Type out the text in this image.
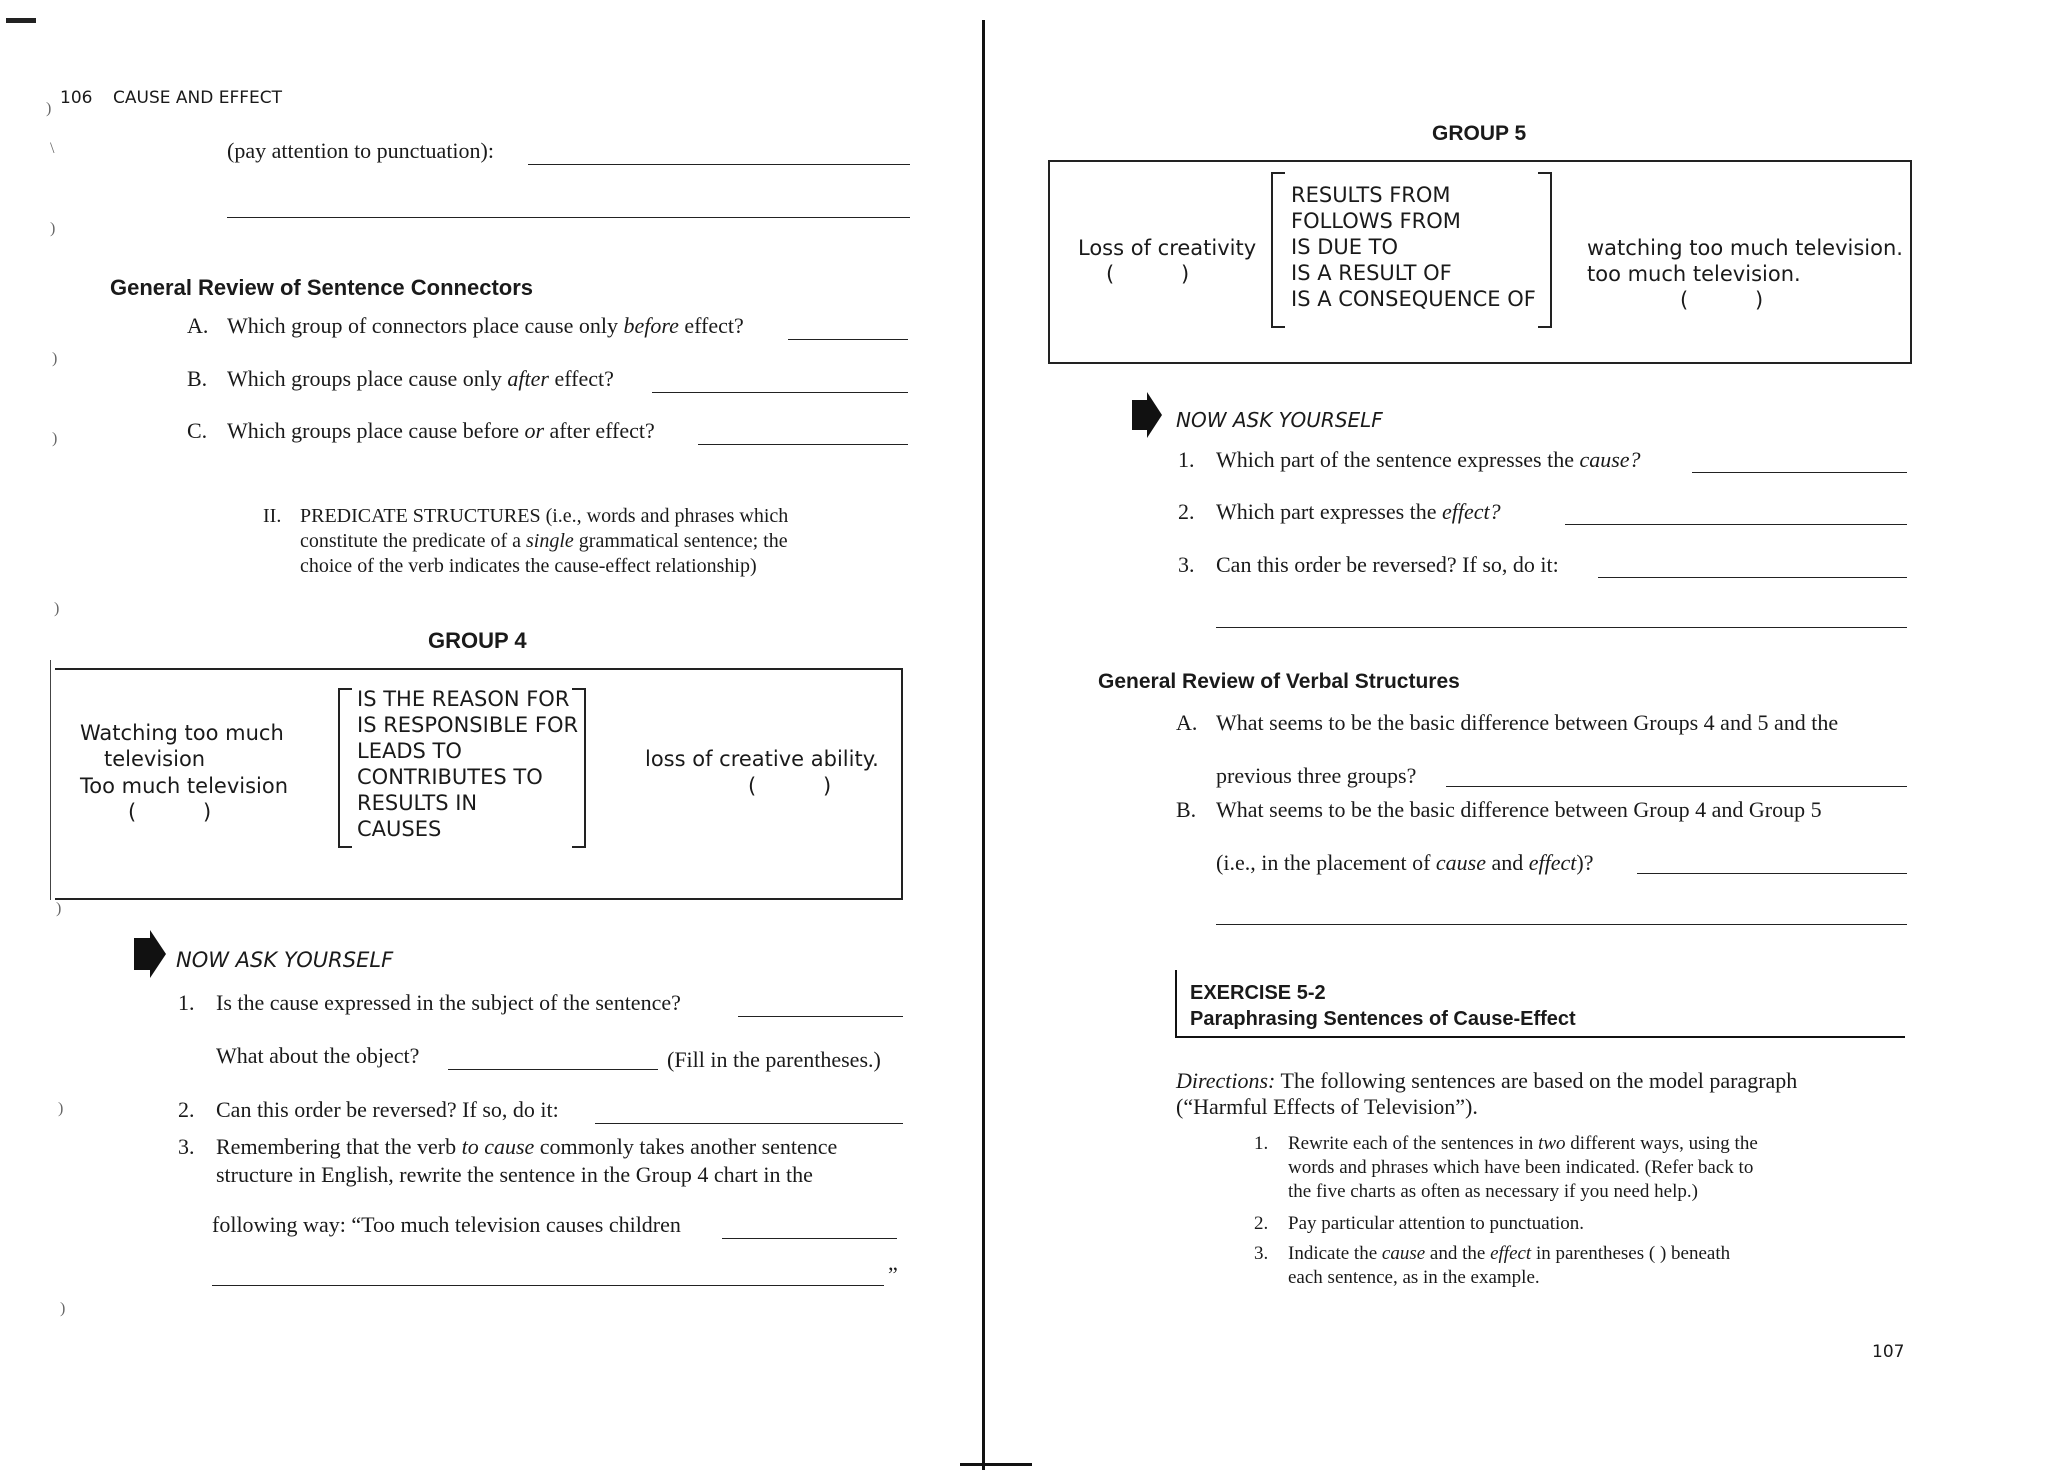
)
\
)
)
)
)
)
)
)
106 CAUSE AND EFFECT
(pay attention to punctuation):
General Review of Sentence Connectors
A. Which group of connectors place cause only before effect?
B. Which groups place cause only after effect?
C. Which groups place cause before or after effect?
II. PREDICATE STRUCTURES (i.e., words and phrases which
constitute the predicate of a single grammatical sentence; the
choice of the verb indicates the cause-effect relationship)
GROUP 4
Watching too much
television
Too much television
(          )
IS THE REASON FOR
IS RESPONSIBLE FOR
LEADS TO
CONTRIBUTES TO
RESULTS IN
CAUSES
loss of creative ability.
(          )
NOW ASK YOURSELF
1. Is the cause expressed in the subject of the sentence?
What about the object?	(Fill in the parentheses.)
2. Can this order be reversed? If so, do it:
3. Remembering that the verb to cause commonly takes another sentence
structure in English, rewrite the sentence in the Group 4 chart in the
following way: “Too much television causes children
”
GROUP 5
Loss of creativity
(          )
RESULTS FROM
FOLLOWS FROM
IS DUE TO
IS A RESULT OF
IS A CONSEQUENCE OF
watching too much television.
too much television.
(          )
NOW ASK YOURSELF
1. Which part of the sentence expresses the cause?
2. Which part expresses the effect?
3. Can this order be reversed? If so, do it:
General Review of Verbal Structures
A. What seems to be the basic difference between Groups 4 and 5 and the
previous three groups?
B. What seems to be the basic difference between Group 4 and Group 5
(i.e., in the placement of cause and effect)?
EXERCISE 5-2
Paraphrasing Sentences of Cause-Effect
Directions: The following sentences are based on the model paragraph
(“Harmful Effects of Television”).
1. Rewrite each of the sentences in two different ways, using the
words and phrases which have been indicated. (Refer back to
the five charts as often as necessary if you need help.)
2. Pay particular attention to punctuation.
3. Indicate the cause and the effect in parentheses ( ) beneath
each sentence, as in the example.
107
